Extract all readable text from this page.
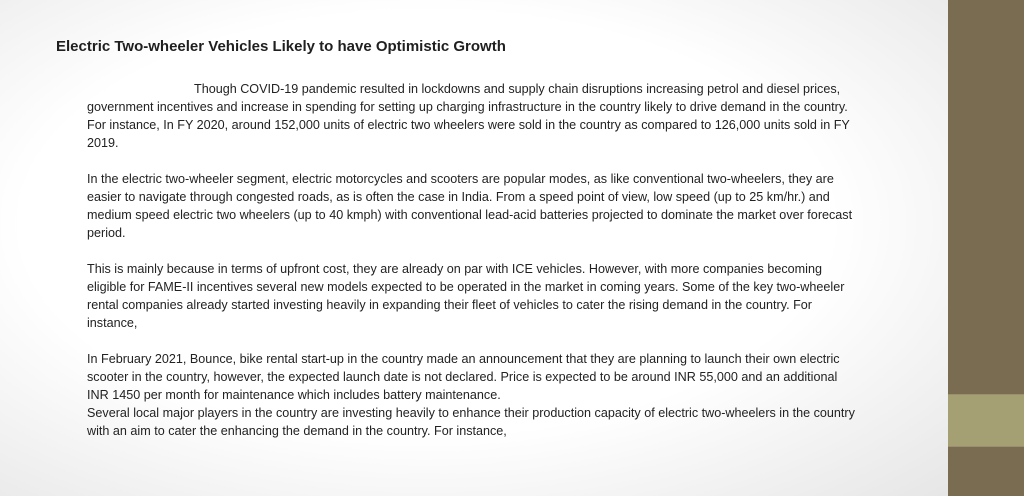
Electric Two-wheeler Vehicles Likely to have Optimistic Growth

Though COVID-19 pandemic resulted in lockdowns and supply chain disruptions increasing petrol and diesel prices, government incentives and increase in spending for setting up charging infrastructure in the country likely to drive demand in the country. For instance, In FY 2020, around 152,000 units of electric two wheelers were sold in the country as compared to 126,000 units sold in FY 2019.

In the electric two-wheeler segment, electric motorcycles and scooters are popular modes, as like conventional two-wheelers, they are easier to navigate through congested roads, as is often the case in India. From a speed point of view, low speed (up to 25 km/hr.) and medium speed electric two wheelers (up to 40 kmph) with conventional lead-acid batteries projected to dominate the market over forecast period.

This is mainly because in terms of upfront cost, they are already on par with ICE vehicles. However, with more companies becoming eligible for FAME-II incentives several new models expected to be operated in the market in coming years. Some of the key two-wheeler rental companies already started investing heavily in expanding their fleet of vehicles to cater the rising demand in the country. For instance,

In February 2021, Bounce, bike rental start-up in the country made an announcement that they are planning to launch their own electric scooter in the country, however, the expected launch date is not declared. Price is expected to be around INR 55,000 and an additional INR 1450 per month for maintenance which includes battery maintenance.

Several local major players in the country are investing heavily to enhance their production capacity of electric two-wheelers in the country with an aim to cater the enhancing the demand in the country. For instance,
